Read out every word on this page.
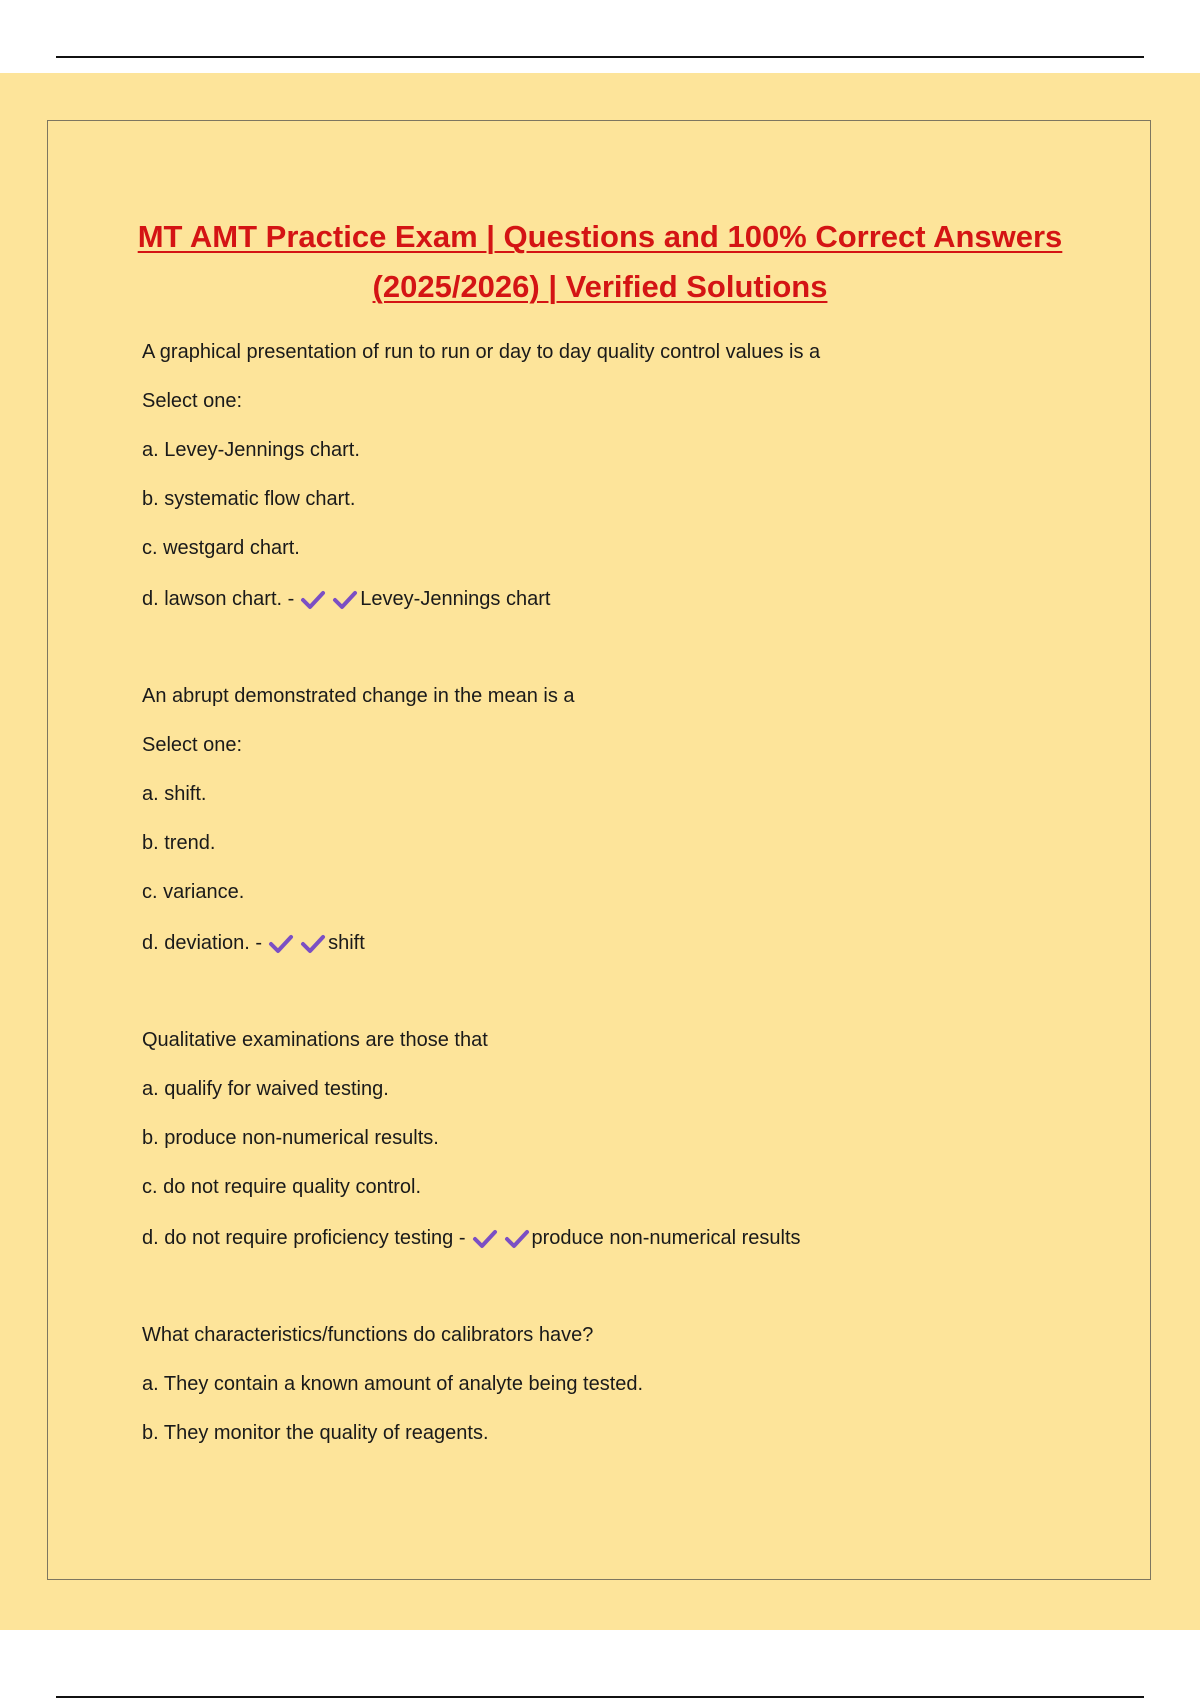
MT AMT Practice Exam | Questions and 100% Correct Answers
(2025/2026) | Verified Solutions
A graphical presentation of run to run or day to day quality control values is a
Select one:
a. Levey-Jennings chart.
b. systematic flow chart.
c. westgard chart.
d. lawson chart. -	Levey-Jennings chart
An abrupt demonstrated change in the mean is a
Select one:
a. shift.
b. trend.
c. variance.
d. deviation. -	shift
Qualitative examinations are those that
a. qualify for waived testing.
b. produce non-numerical results.
c. do not require quality control.
d. do not require proficiency testing -	produce non-numerical results
What characteristics/functions do calibrators have?
a. They contain a known amount of analyte being tested.
b. They monitor the quality of reagents.
